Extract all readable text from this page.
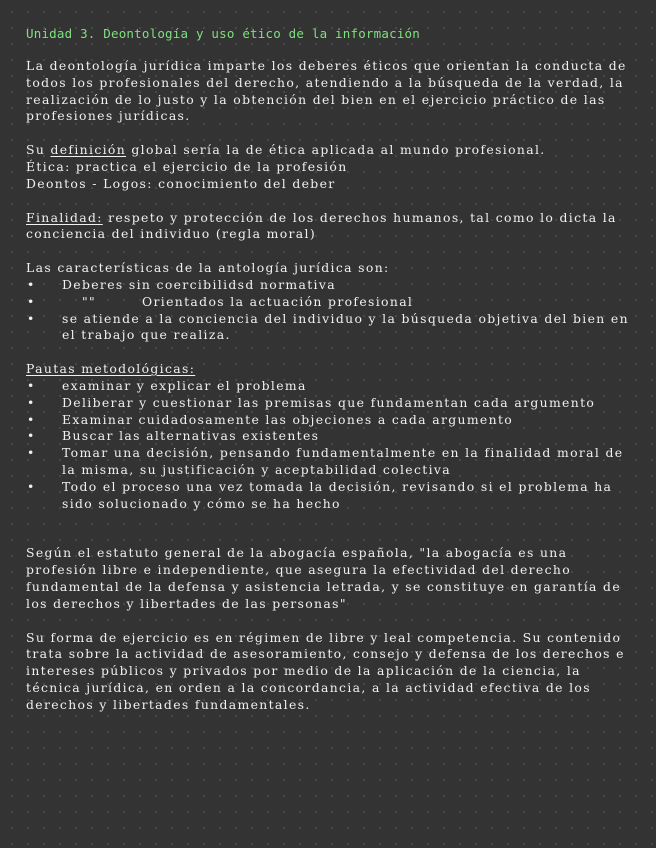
Unidad 3. Deontología y uso ético de la información

La deontología jurídica imparte los deberes éticos que orientan la conducta de todos los profesionales del derecho, atendiendo a la búsqueda de la verdad, la realización de lo justo y la obtención del bien en el ejercicio práctico de las profesiones jurídicas.

Su definición global sería la de ética aplicada al mundo profesional.

Ética: practica el ejercicio de la profesión

Deontos - Logos: conocimiento del deber

Finalidad: respeto y protección de los derechos humanos, tal como lo dicta la conciencia del individuo (regla moral)

Las características de la antología jurídica son:

• Deberes sin coercibilidsd normativa
•	""	Orientados la actuación profesional
• se atiende a la conciencia del individuo y la búsqueda objetiva del bien en el trabajo que realiza.

Pautas metodológicas:

• examinar y explicar el problema
• Deliberar y cuestionar las premisas que fundamentan cada argumento
• Examinar cuidadosamente las objeciones a cada argumento
• Buscar las alternativas existentes
• Tomar una decisión, pensando fundamentalmente en la finalidad moral de la misma, su justificación y aceptabilidad colectiva
• Todo el proceso una vez tomada la decisión, revisando si el problema ha sido solucionado y cómo se ha hecho

Según el estatuto general de la abogacía española, "la abogacía es una profesión libre e independiente, que asegura la efectividad del derecho fundamental de la defensa y asistencia letrada, y se constituye en garantía de los derechos y libertades de las personas"

Su forma de ejercicio es en régimen de libre y leal competencia. Su contenido trata sobre la actividad de asesoramiento, consejo y defensa de los derechos e intereses públicos y privados por medio de la aplicación de la ciencia, la técnica jurídica, en orden a la concordancia, a la actividad efectiva de los derechos y libertades fundamentales.
